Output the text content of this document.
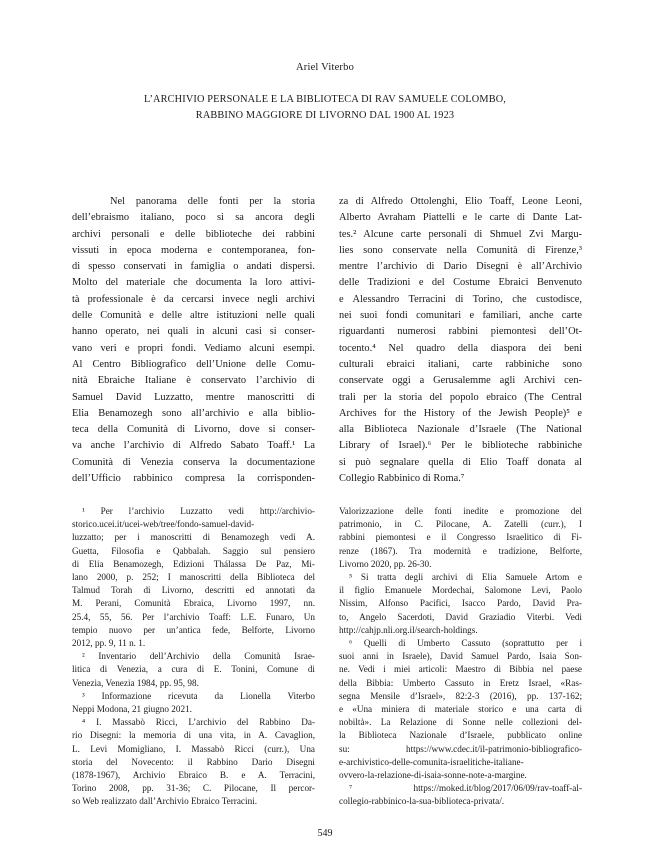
Ariel Viterbo
L’ARCHIVIO PERSONALE E LA BIBLIOTECA DI RAV SAMUELE COLOMBO,
RABBINO MAGGIORE DI LIVORNO DAL 1900 AL 1923
Nel panorama delle fonti per la storia
dell’ebraismo italiano, poco si sa ancora degli
archivi personali e delle biblioteche dei rabbini
vissuti in epoca moderna e contemporanea, fon-
di spesso conservati in famiglia o andati dispersi.
Molto del materiale che documenta la loro attivi-
tà professionale è da cercarsi invece negli archivi
delle Comunità e delle altre istituzioni nelle quali
hanno operato, nei quali in alcuni casi si conser-
vano veri e propri fondi. Vediamo alcuni esempi.
Al Centro Bibliografico dell’Unione delle Comu-
nità Ebraiche Italiane è conservato l’archivio di
Samuel David Luzzatto, mentre manoscritti di
Elia Benamozegh sono all’archivio e alla biblio-
teca della Comunità di Livorno, dove si conser-
va anche l’archivio di Alfredo Sabato Toaff.¹ La
Comunità di Venezia conserva la documentazione
dell’Ufficio rabbinico compresa la corrisponden-
za di Alfredo Ottolenghi, Elio Toaff, Leone Leoni,
Alberto Avraham Piattelli e le carte di Dante Lat-
tes.² Alcune carte personali di Shmuel Zvi Margu-
lies sono conservate nella Comunità di Firenze,³
mentre l’archivio di Dario Disegni è all’Archivio
delle Tradizioni e del Costume Ebraici Benvenuto
e Alessandro Terracini di Torino, che custodisce,
nei suoi fondi comunitari e familiari, anche carte
riguardanti numerosi rabbini piemontesi dell’Ot-
tocento.⁴ Nel quadro della diaspora dei beni
culturali ebraici italiani, carte rabbiniche sono
conservate oggi a Gerusalemme agli Archivi cen-
trali per la storia del popolo ebraico (The Central
Archives for the History of the Jewish People)⁵ e
alla Biblioteca Nazionale d’Israele (The National
Library of Israel).⁶ Per le biblioteche rabbiniche
si può segnalare quella di Elio Toaff donata al
Collegio Rabbinico di Roma.⁷
¹ Per l’archivio Luzzatto vedi http://archivio-
storico.ucei.it/ucei-web/tree/fondo-samuel-david-
luzzatto; per i manoscritti di Benamozegh vedi A.
Guetta, Filosofia e Qabbalah. Saggio sul pensiero
di Elia Benamozegh, Edizioni Thálassa De Paz, Mi-
lano 2000, p. 252; I manoscritti della Biblioteca del
Talmud Torah di Livorno, descritti ed annotati da
M. Perani, Comunità Ebraica, Livorno 1997, nn.
25.4, 55, 56. Per l’archivio Toaff: L.E. Funaro, Un
tempio nuovo per un’antica fede, Belforte, Livorno
2012, pp. 9, 11 n. 1.
² Inventario dell’Archivio della Comunità Israe-
litica di Venezia, a cura di E. Tonini, Comune di
Venezia, Venezia 1984, pp. 95, 98.
³ Informazione ricevuta da Lionella Viterbo
Neppi Modona, 21 giugno 2021.
⁴ I. Massabò Ricci, L’archivio del Rabbino Da-
rio Disegni: la memoria di una vita, in A. Cavaglion,
L. Levi Momigliano, I. Massabò Ricci (curr.), Una
storia del Novecento: il Rabbino Dario Disegni
(1878-1967), Archivio Ebraico B. e A. Terracini,
Torino 2008, pp. 31-36; C. Pilocane, Il percor-
so Web realizzato dall’Archivio Ebraico Terracini.
Valorizzazione delle fonti inedite e promozione del
patrimonio, in C. Pilocane, A. Zatelli (curr.), I
rabbini piemontesi e il Congresso Israelitico di Fi-
renze (1867). Tra modernità e tradizione, Belforte,
Livorno 2020, pp. 26-30.
⁵ Si tratta degli archivi di Elia Samuele Artom e
il figlio Emanuele Mordechai, Salomone Levi, Paolo
Nissim, Alfonso Pacifici, Isacco Pardo, David Pra-
to, Angelo Sacerdoti, David Graziadio Viterbi. Vedi
http://cahjp.nli.org.il/search-holdings.
⁶ Quelli di Umberto Cassuto (soprattutto per i
suoi anni in Israele), David Samuel Pardo, Isaia Son-
ne. Vedi i miei articoli: Maestro di Bibbia nel paese
della Bibbia: Umberto Cassuto in Eretz Israel, «Ras-
segna Mensile d’Israel», 82:2-3 (2016), pp. 137-162;
e «Una miniera di materiale storico e una carta di
nobiltà». La Relazione di Sonne nelle collezioni del-
la Biblioteca Nazionale d’Israele, pubblicato online
su: https://www.cdec.it/il-patrimonio-bibliografico-
e-archivistico-delle-comunita-israelitiche-italiane-
ovvero-la-relazione-di-isaia-sonne-note-a-margine.
⁷ https://moked.it/blog/2017/06/09/rav-toaff-al-
collegio-rabbinico-la-sua-biblioteca-privata/.
549
